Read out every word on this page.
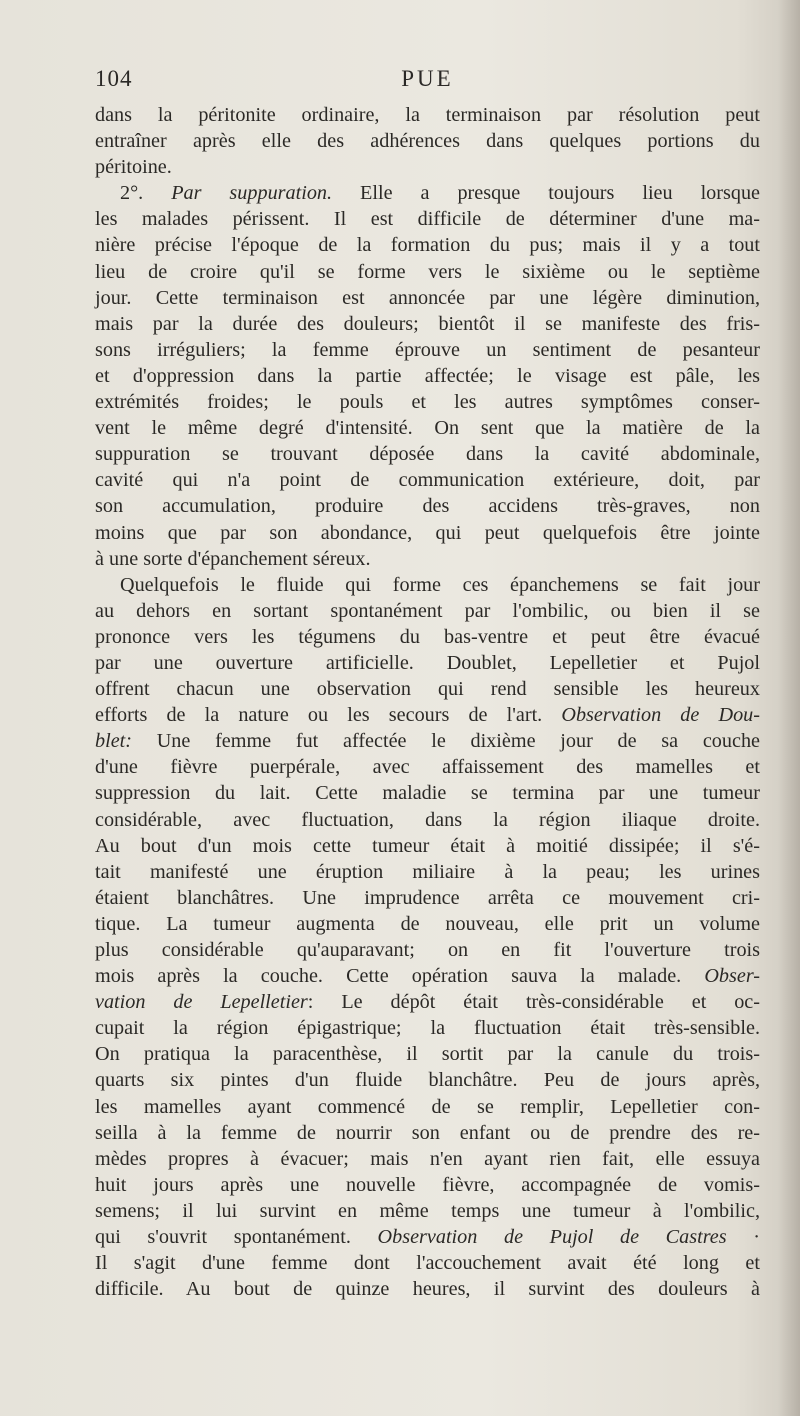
104	PUE
dans la péritonite ordinaire, la terminaison par résolution peut
entraîner après elle des adhérences dans quelques portions du
péritoine.
2°. Par suppuration. Elle a presque toujours lieu lorsque
les malades périssent. Il est difficile de déterminer d'une ma-
nière précise l'époque de la formation du pus; mais il y a tout
lieu de croire qu'il se forme vers le sixième ou le septième
jour. Cette terminaison est annoncée par une légère diminution,
mais par la durée des douleurs; bientôt il se manifeste des fris-
sons irréguliers; la femme éprouve un sentiment de pesanteur
et d'oppression dans la partie affectée; le visage est pâle, les
extrémités froides; le pouls et les autres symptômes conser-
vent le même degré d'intensité. On sent que la matière de la
suppuration se trouvant déposée dans la cavité abdominale,
cavité qui n'a point de communication extérieure, doit, par
son accumulation, produire des accidens très-graves, non
moins que par son abondance, qui peut quelquefois être jointe
à une sorte d'épanchement séreux.
Quelquefois le fluide qui forme ces épanchemens se fait jour
au dehors en sortant spontanément par l'ombilic, ou bien il se
prononce vers les tégumens du bas-ventre et peut être évacué
par une ouverture artificielle. Doublet, Lepelletier et Pujol
offrent chacun une observation qui rend sensible les heureux
efforts de la nature ou les secours de l'art. Observation de Dou-
blet: Une femme fut affectée le dixième jour de sa couche
d'une fièvre puerpérale, avec affaissement des mamelles et
suppression du lait. Cette maladie se termina par une tumeur
considérable, avec fluctuation, dans la région iliaque droite.
Au bout d'un mois cette tumeur était à moitié dissipée; il s'é-
tait manifesté une éruption miliaire à la peau; les urines
étaient blanchâtres. Une imprudence arrêta ce mouvement cri-
tique. La tumeur augmenta de nouveau, elle prit un volume
plus considérable qu'auparavant; on en fit l'ouverture trois
mois après la couche. Cette opération sauva la malade. Obser-
vation de Lepelletier: Le dépôt était très-considérable et oc-
cupait la région épigastrique; la fluctuation était très-sensible.
On pratiqua la paracenthèse, il sortit par la canule du trois-
quarts six pintes d'un fluide blanchâtre. Peu de jours après,
les mamelles ayant commencé de se remplir, Lepelletier con-
seilla à la femme de nourrir son enfant ou de prendre des re-
mèdes propres à évacuer; mais n'en ayant rien fait, elle essuya
huit jours après une nouvelle fièvre, accompagnée de vomis-
semens; il lui survint en même temps une tumeur à l'ombilic,
qui s'ouvrit spontanément. Observation de Pujol de Castres ·
Il s'agit d'une femme dont l'accouchement avait été long et
difficile. Au bout de quinze heures, il survint des douleurs à
